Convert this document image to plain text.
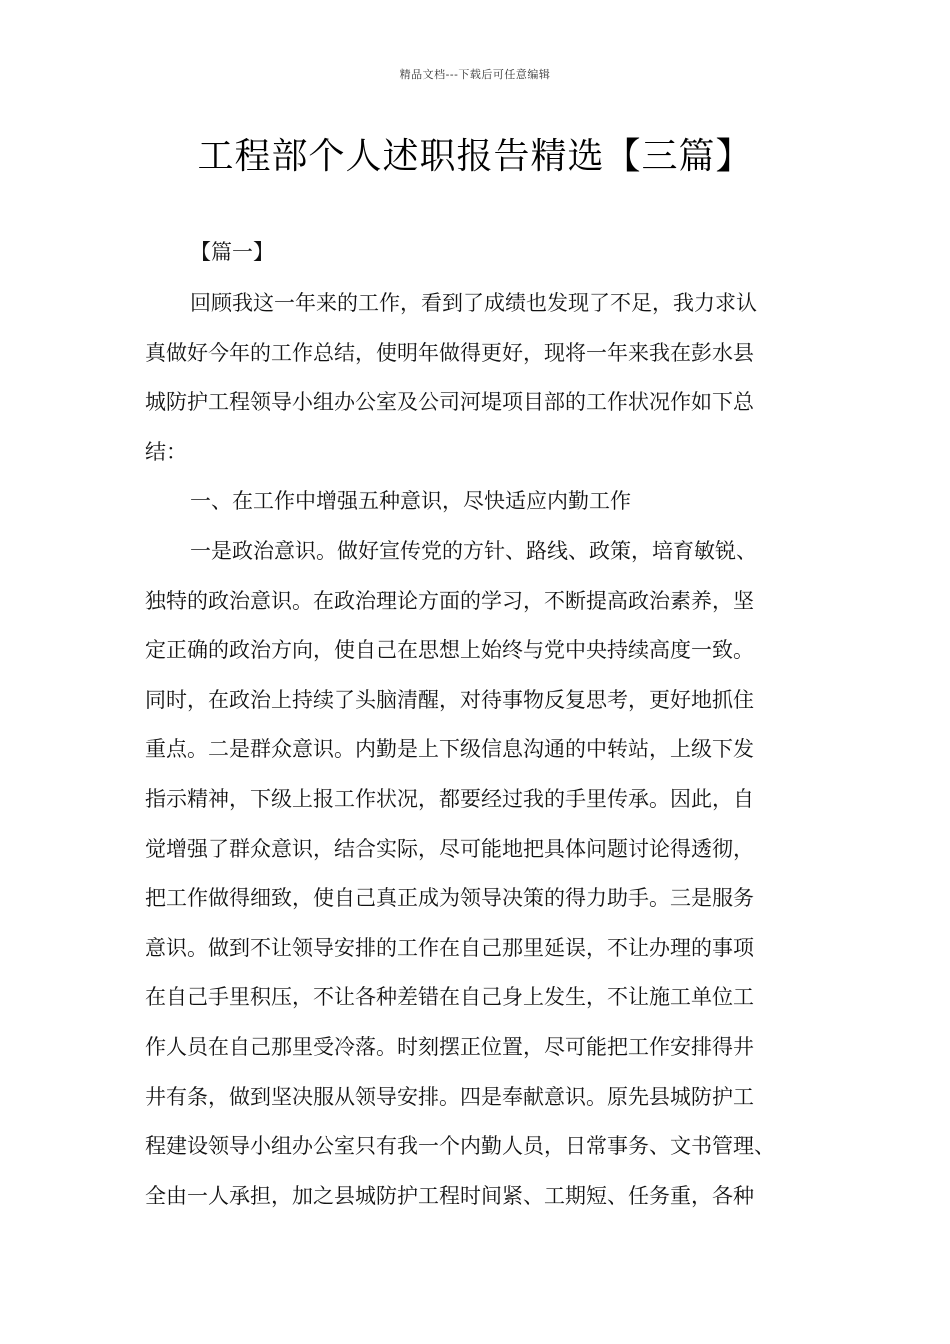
精品文档---下载后可任意编辑
工程部个人述职报告精选【三篇】
【篇一】
回顾我这一年来的工作，看到了成绩也发现了不足，我力求认
真做好今年的工作总结，使明年做得更好，现将一年来我在彭水县
城防护工程领导小组办公室及公司河堤项目部的工作状况作如下总
结：
一、在工作中增强五种意识，尽快适应内勤工作
一是政治意识。做好宣传党的方针、路线、政策，培育敏锐、
独特的政治意识。在政治理论方面的学习，不断提高政治素养，坚
定正确的政治方向，使自己在思想上始终与党中央持续高度一致。
同时，在政治上持续了头脑清醒，对待事物反复思考，更好地抓住
重点。二是群众意识。内勤是上下级信息沟通的中转站，上级下发
指示精神，下级上报工作状况，都要经过我的手里传承。因此，自
觉增强了群众意识，结合实际，尽可能地把具体问题讨论得透彻，
把工作做得细致，使自己真正成为领导决策的得力助手。三是服务
意识。做到不让领导安排的工作在自己那里延误，不让办理的事项
在自己手里积压，不让各种差错在自己身上发生，不让施工单位工
作人员在自己那里受冷落。时刻摆正位置，尽可能把工作安排得井
井有条，做到坚决服从领导安排。四是奉献意识。原先县城防护工
程建设领导小组办公室只有我一个内勤人员，日常事务、文书管理、
全由一人承担，加之县城防护工程时间紧、工期短、任务重，各种
